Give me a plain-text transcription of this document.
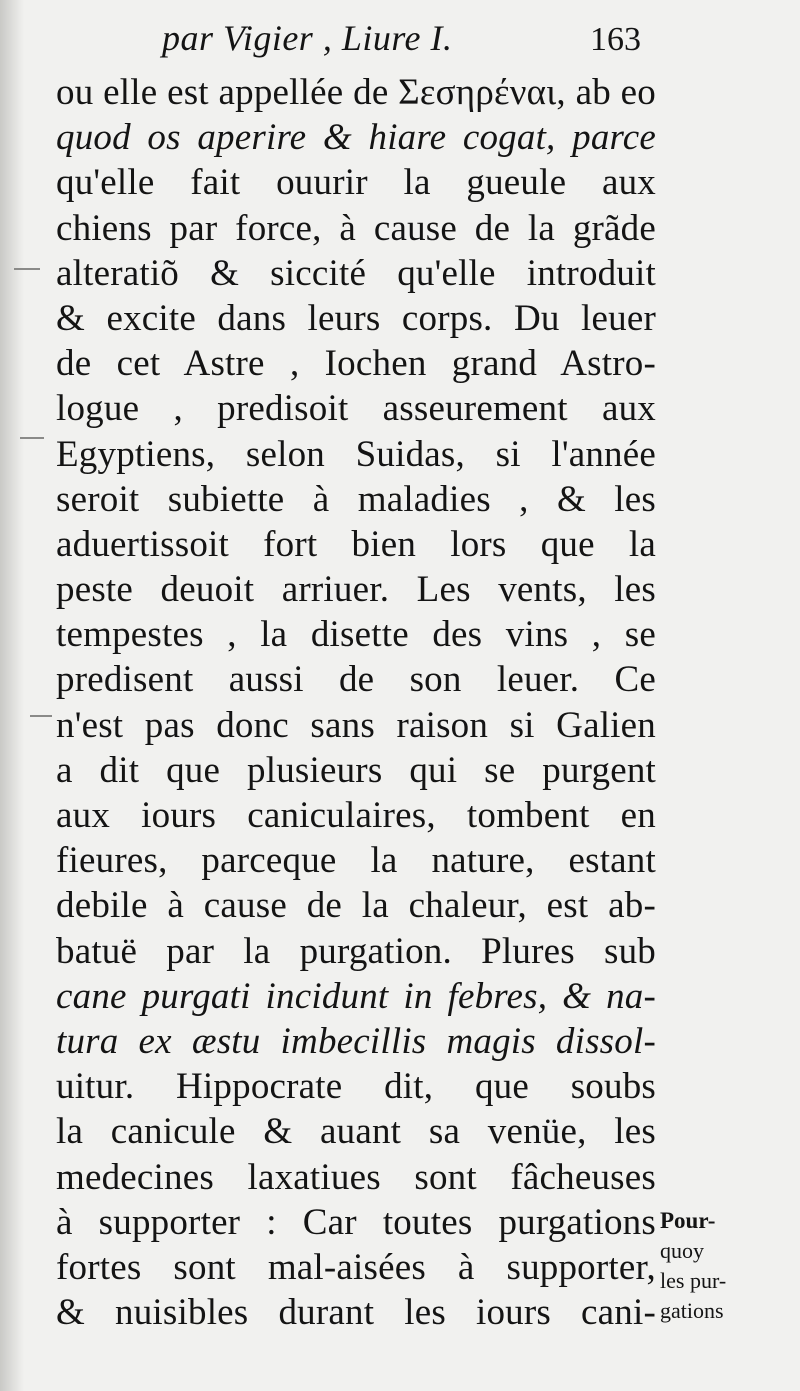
par Vigier , Liure I.	163
ou elle est appellée de Σεσηρέναι, ab eo
quod os aperire & hiare cogat, parce
qu'elle fait ouurir la gueule aux
chiens par force, à cause de la grãde
alteratiõ & siccité qu'elle introduit
& excite dans leurs corps. Du leuer
de cet Astre , Iochen grand Astro-
logue , predisoit asseurement aux
Egyptiens, selon Suidas, si l'année
seroit subiette à maladies , & les
aduertissoit fort bien lors que la
peste deuoit arriuer. Les vents, les
tempestes , la disette des vins , se
predisent aussi de son leuer. Ce
n'est pas donc sans raison si Galien
a dit que plusieurs qui se purgent
aux iours caniculaires, tombent en
fieures, parceque la nature, estant
debile à cause de la chaleur, est ab-
batuë par la purgation. Plures sub
cane purgati incidunt in febres, & na-
tura ex æstu imbecillis magis dissol-
uitur. Hippocrate dit, que soubs
la canicule & auant sa venüe, les
medecines laxatiues sont fâcheuses
à supporter : Car toutes purgations
fortes sont mal-aisées à supporter,
& nuisibles durant les iours cani-
Pour-
quoy
les pur-
gations
